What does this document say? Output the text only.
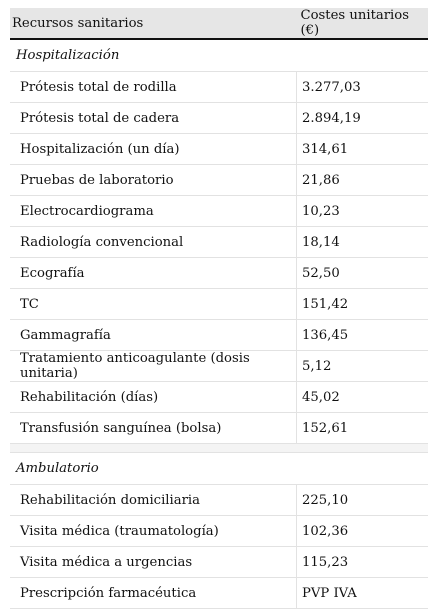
Recursos sanitarios	Costes unitarios (€)
Hospitalización	
Prótesis total de rodilla	3.277,03
Prótesis total de cadera	2.894,19
Hospitalización (un día)	314,61
Pruebas de laboratorio	21,86
Electrocardiograma	10,23
Radiología convencional	18,14
Ecografía	52,50
TC	151,42
Gammagrafía	136,45
Tratamiento anticoagulante (dosis unitaria)	5,12
Rehabilitación (días)	45,02
Transfusión sanguínea (bolsa)	152,61

Ambulatorio	
Rehabilitación domiciliaria	225,10
Visita médica (traumatología)	102,36
Visita médica a urgencias	115,23
Prescripción farmacéutica	PVP IVA
